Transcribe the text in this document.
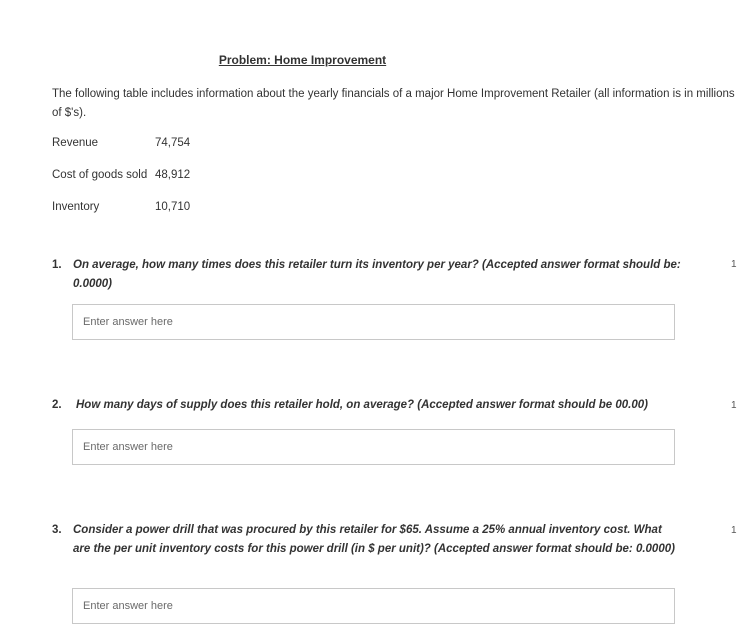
Problem: Home Improvement
The following table includes information about the yearly financials of a major Home Improvement Retailer (all information is in millions of $'s).
Revenue	74,754
Cost of goods sold 48,912
Inventory	10,710
1. On average, how many times does this retailer turn its inventory per year? (Accepted answer format should be: 0.0000)
1
Enter answer here
2.	How many days of supply does this retailer hold, on average? (Accepted answer format should be 00.00)	1
Enter answer here
3. Consider a power drill that was procured by this retailer for $65. Assume a 25% annual inventory cost. What are the per unit inventory costs for this power drill (in $ per unit)? (Accepted answer format should be: 0.0000)
1
Enter answer here
